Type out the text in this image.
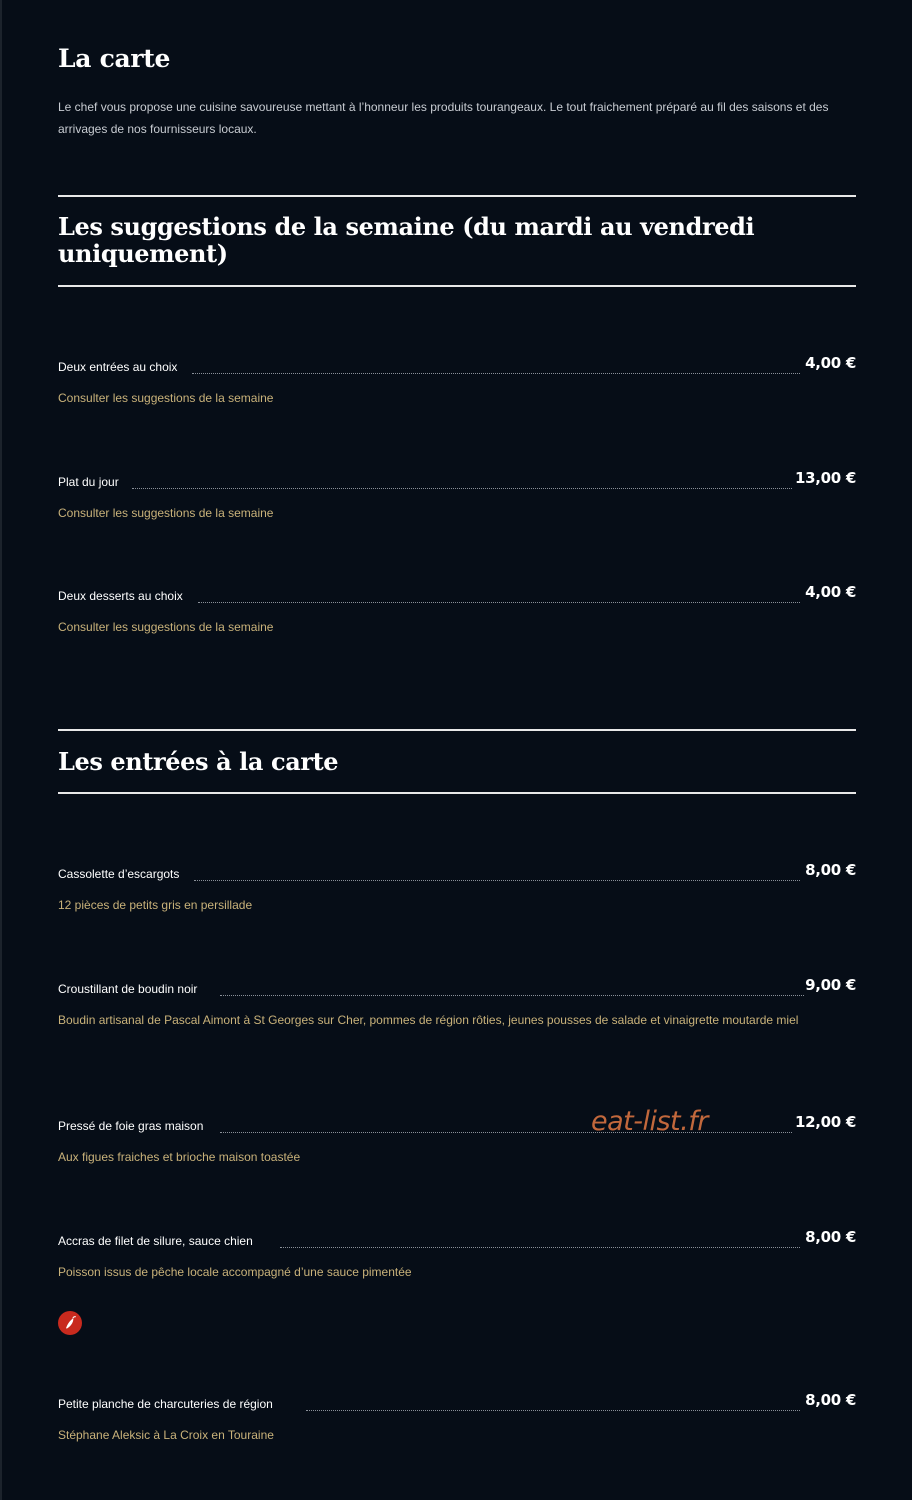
La carte

Le chef vous propose une cuisine savoureuse mettant à l’honneur les produits tourangeaux. Le tout fraichement préparé au fil des saisons et des arrivages de nos fournisseurs locaux.

Les suggestions de la semaine (du mardi au vendredi uniquement)
Deux entrées au choix	4,00 €

Consulter les suggestions de la semaine

Plat du jour	13,00 €

Consulter les suggestions de la semaine

Deux desserts au choix	4,00 €

Consulter les suggestions de la semaine

Les entrées à la carte
Cassolette d’escargots	8,00 €

12 pièces de petits gris en persillade

Croustillant de boudin noir	9,00 €

Boudin artisanal de Pascal Aimont à St Georges sur Cher, pommes de région rôties, jeunes pousses de salade et vinaigrette moutarde miel

Pressé de foie gras maison	12,00 €

Aux figues fraiches et brioche maison toastée

Accras de filet de silure, sauce chien	8,00 €

Poisson issus de pêche locale accompagné d’une sauce pimentée

Petite planche de charcuteries de région	8,00 €

Stéphane Aleksic à La Croix en Touraine

eat-list.fr
